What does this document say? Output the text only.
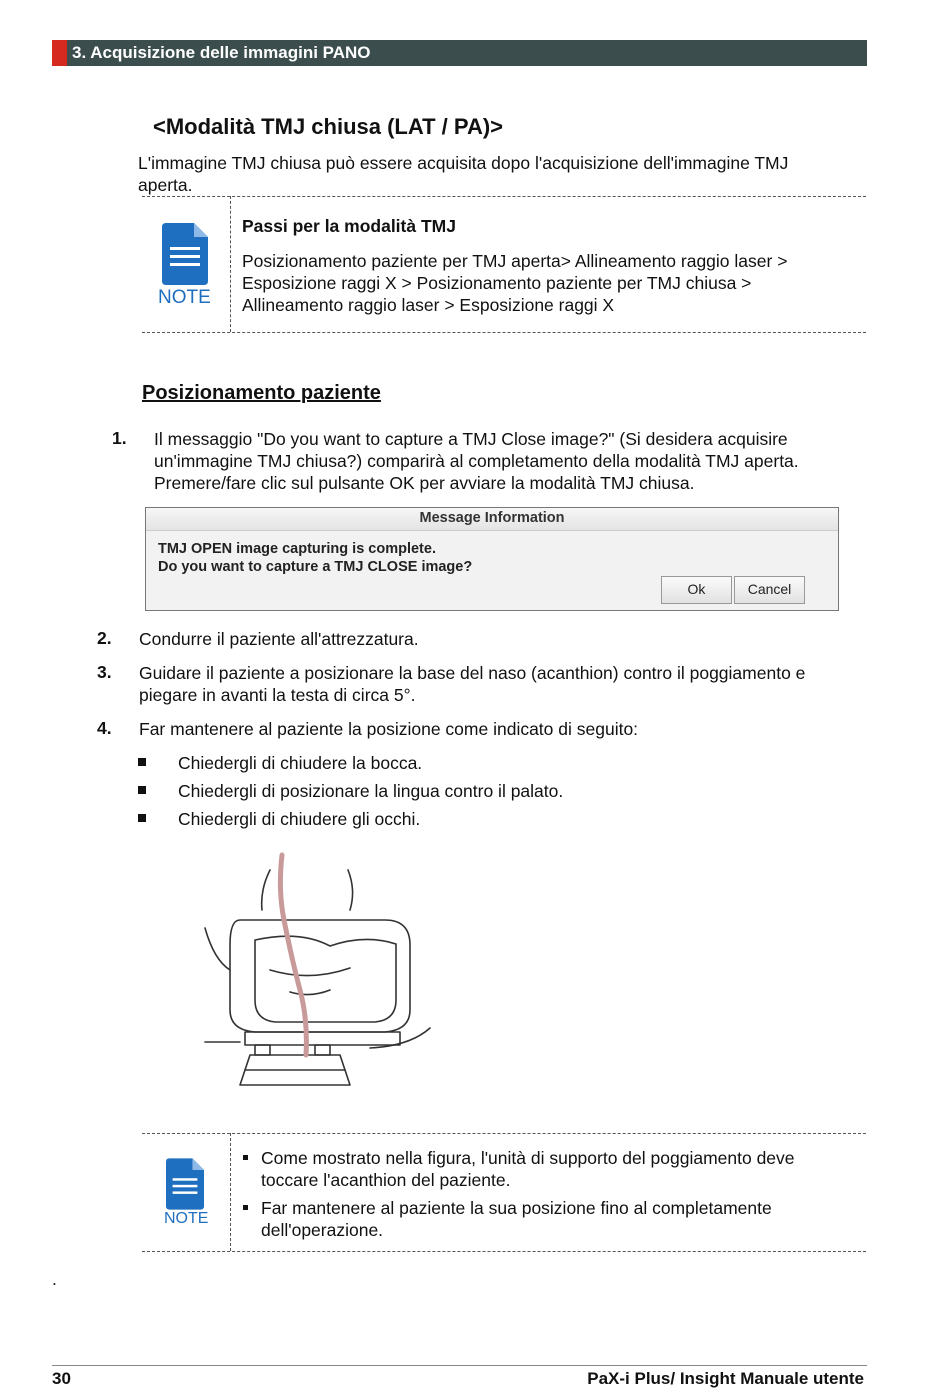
3. Acquisizione delle immagini PANO
<Modalità TMJ chiusa (LAT / PA)>
L'immagine TMJ chiusa può essere acquisita dopo l'acquisizione dell'immagine TMJ
aperta.
NOTE
Passi per la modalità TMJ
Posizionamento paziente per TMJ aperta> Allineamento raggio laser >
Esposizione raggi X > Posizionamento paziente per TMJ chiusa >
Allineamento raggio laser > Esposizione raggi X
Posizionamento paziente
1. Il messaggio "Do you want to capture a TMJ Close image?" (Si desidera acquisire
un'immagine TMJ chiusa?) comparirà al completamento della modalità TMJ aperta.
Premere/fare clic sul pulsante OK per avviare la modalità TMJ chiusa.
Message Information
TMJ OPEN image capturing is complete.
Do you want to capture a TMJ CLOSE image?
Ok	Cancel
2. Condurre il paziente all'attrezzatura.
3. Guidare il paziente a posizionare la base del naso (acanthion) contro il poggiamento e
piegare in avanti la testa di circa 5°.
4. Far mantenere al paziente la posizione come indicato di seguito:
Chiedergli di chiudere la bocca.
Chiedergli di posizionare la lingua contro il palato.
Chiedergli di chiudere gli occhi.
NOTE
Come mostrato nella figura, l'unità di supporto del poggiamento deve
toccare l'acanthion del paziente.
Far mantenere al paziente la sua posizione fino al completamente
dell'operazione.
.
30	PaX-i Plus/ Insight Manuale utente
